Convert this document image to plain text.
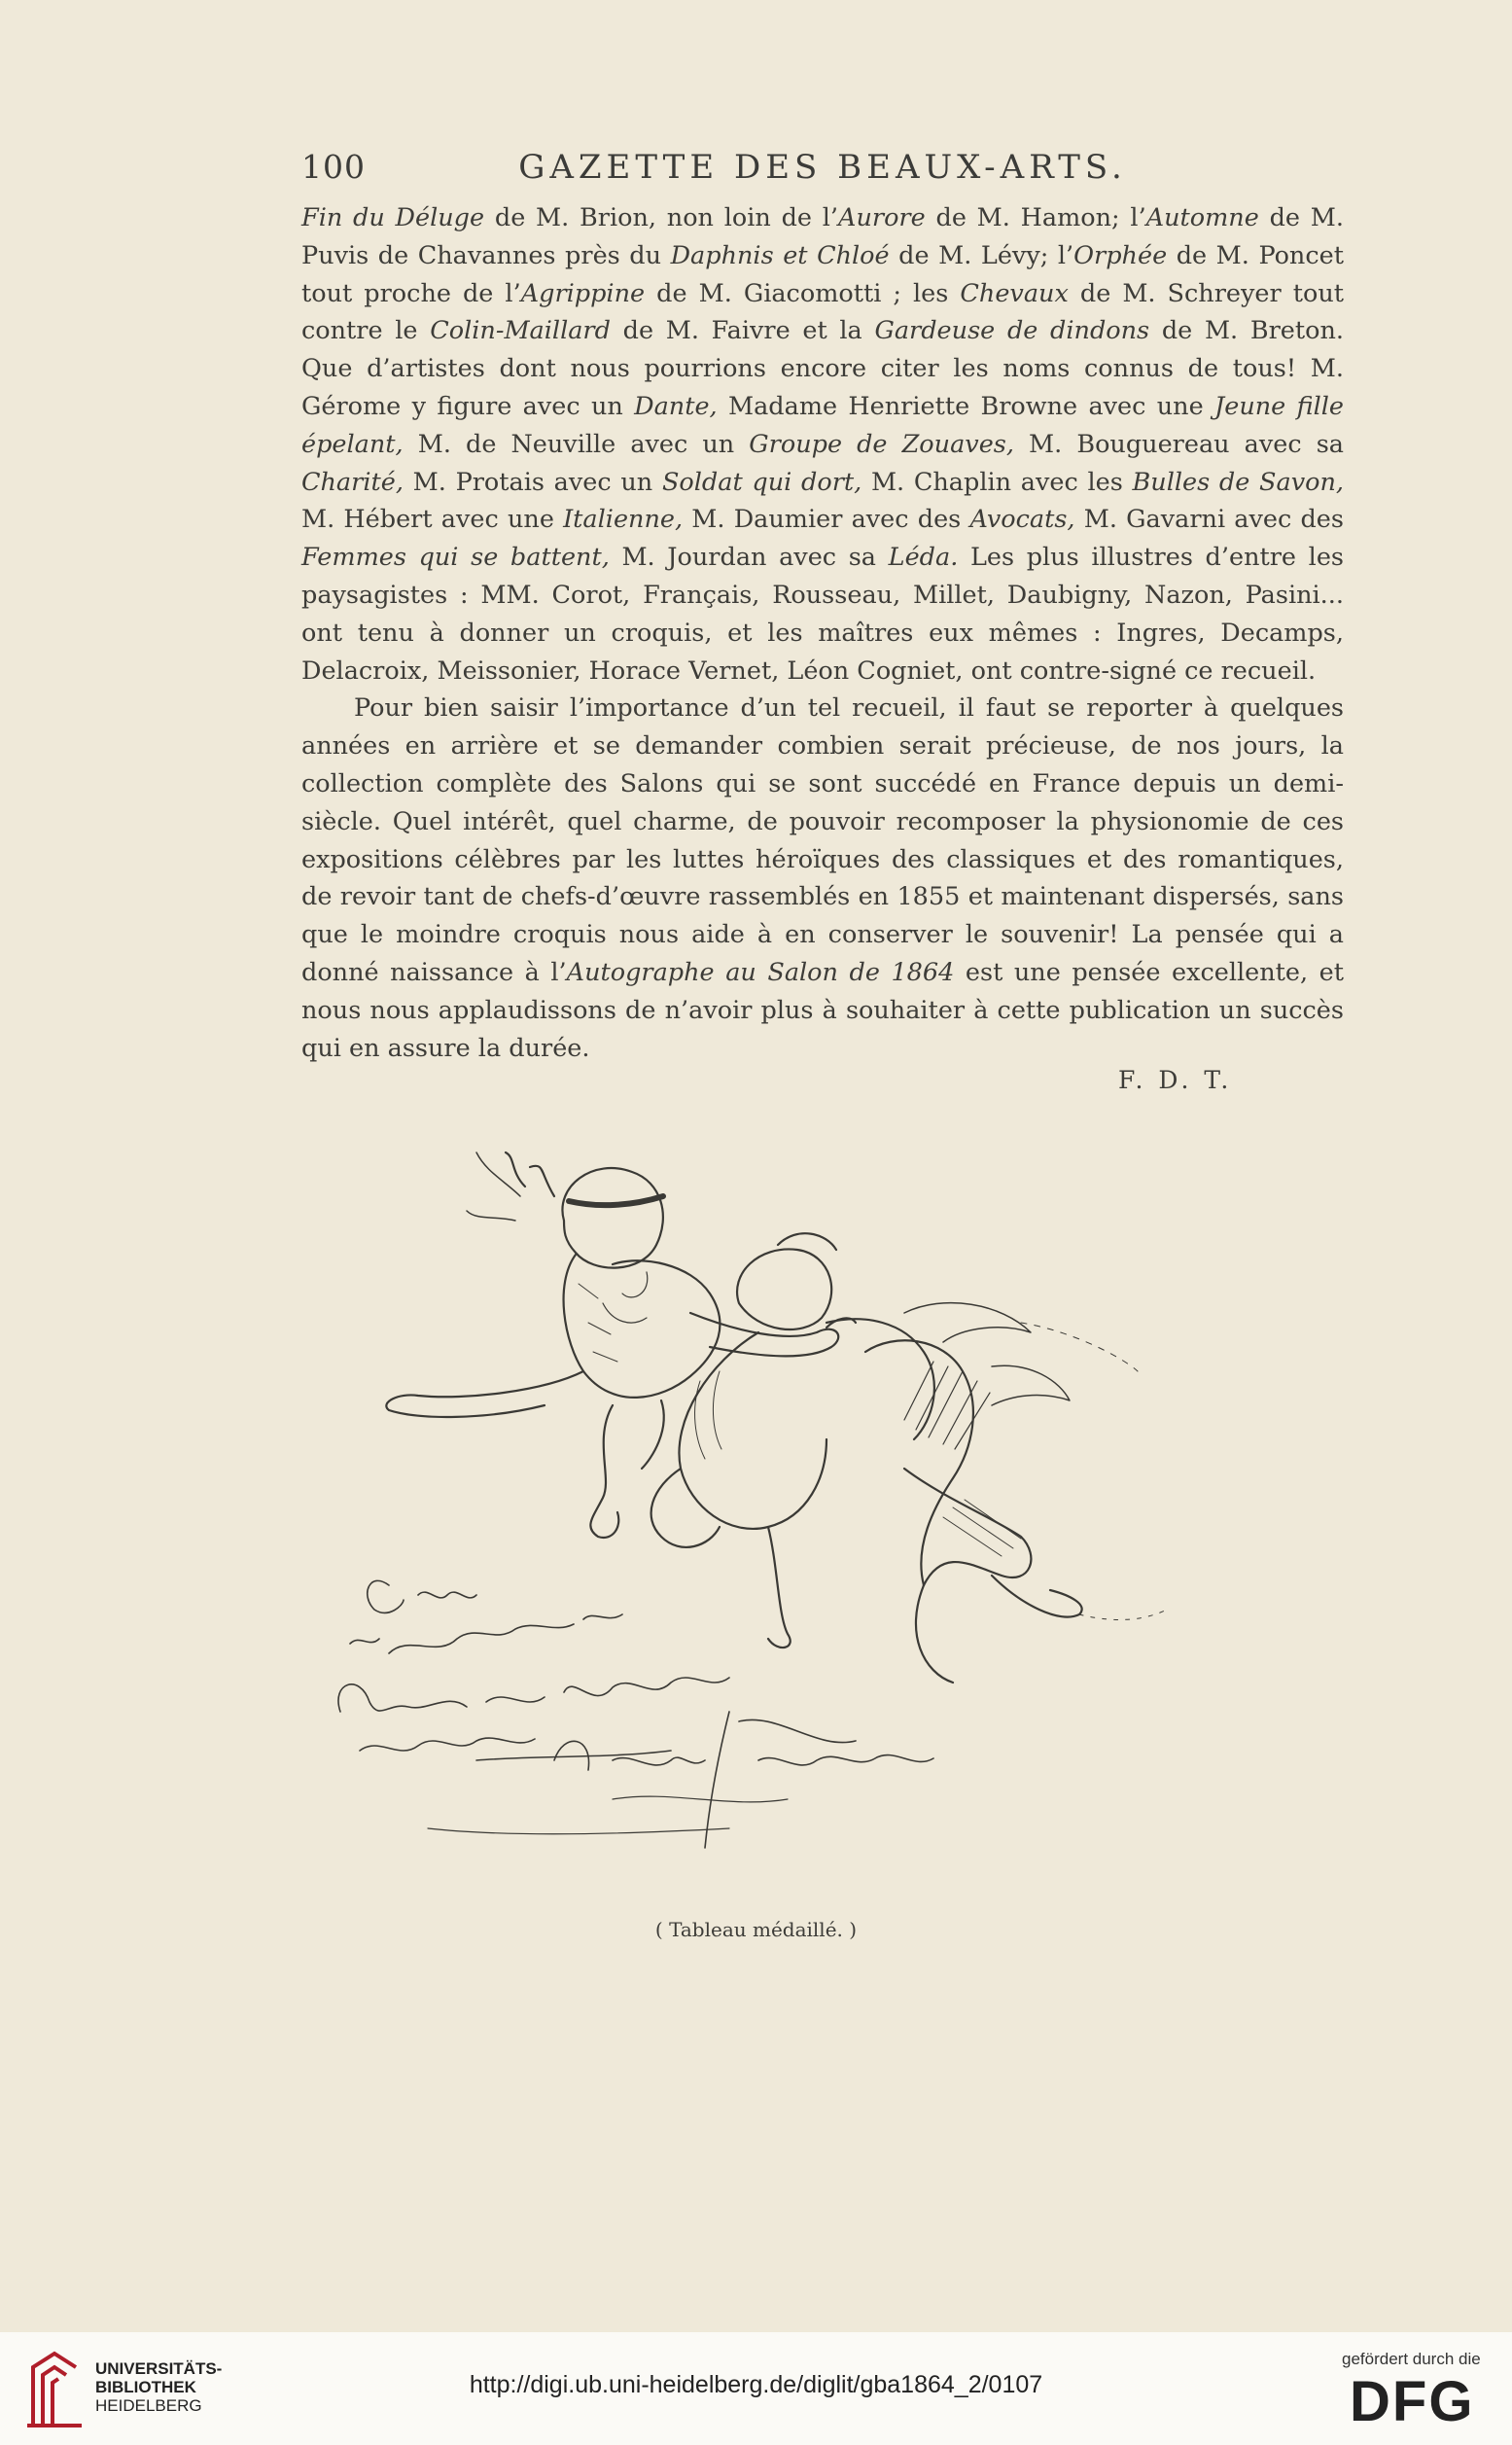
100	GAZETTE DES BEAUX-ARTS.

Fin du Déluge de M. Brion, non loin de l’Aurore de M. Hamon; l’Automne de M. Puvis de Chavannes près du Daphnis et Chloé de M. Lévy; l’Orphée de M. Poncet tout proche de l’Agrippine de M. Giacomotti ; les Chevaux de M. Schreyer tout contre le Colin-Maillard de M. Faivre et la Gardeuse de dindons de M. Breton. Que d’artistes dont nous pourrions encore citer les noms connus de tous! M. Gérome y figure avec un Dante, Madame Henriette Browne avec une Jeune fille épelant, M. de Neuville avec un Groupe de Zouaves, M. Bouguereau avec sa Charité, M. Protais avec un Soldat qui dort, M. Chaplin avec les Bulles de Savon, M. Hébert avec une Italienne, M. Daumier avec des Avocats, M. Gavarni avec des Femmes qui se battent, M. Jourdan avec sa Léda. Les plus illustres d’entre les paysagistes : MM. Corot, Français, Rousseau, Millet, Daubigny, Nazon, Pasini... ont tenu à donner un croquis, et les maîtres eux mêmes : Ingres, Decamps, Delacroix, Meissonier, Horace Vernet, Léon Cogniet, ont contre-signé ce recueil.

Pour bien saisir l’importance d’un tel recueil, il faut se reporter à quelques années en arrière et se demander combien serait précieuse, de nos jours, la collection complète des Salons qui se sont succédé en France depuis un demi-siècle. Quel intérêt, quel charme, de pouvoir recomposer la physionomie de ces expositions célèbres par les luttes héroïques des classiques et des romantiques, de revoir tant de chefs-d’œuvre rassemblés en 1855 et maintenant dispersés, sans que le moindre croquis nous aide à en conserver le souvenir! La pensée qui a donné naissance à l’Autographe au Salon de 1864 est une pensée excellente, et nous nous applaudissons de n’avoir plus à souhaiter à cette publication un succès qui en assure la durée.

F. D. T.
( Tableau médaillé. )
UNIVERSITÄTS-
BIBLIOTHEK
HEIDELBERG
http://digi.ub.uni-heidelberg.de/diglit/gba1864_2/0107
gefördert durch die
DFG
